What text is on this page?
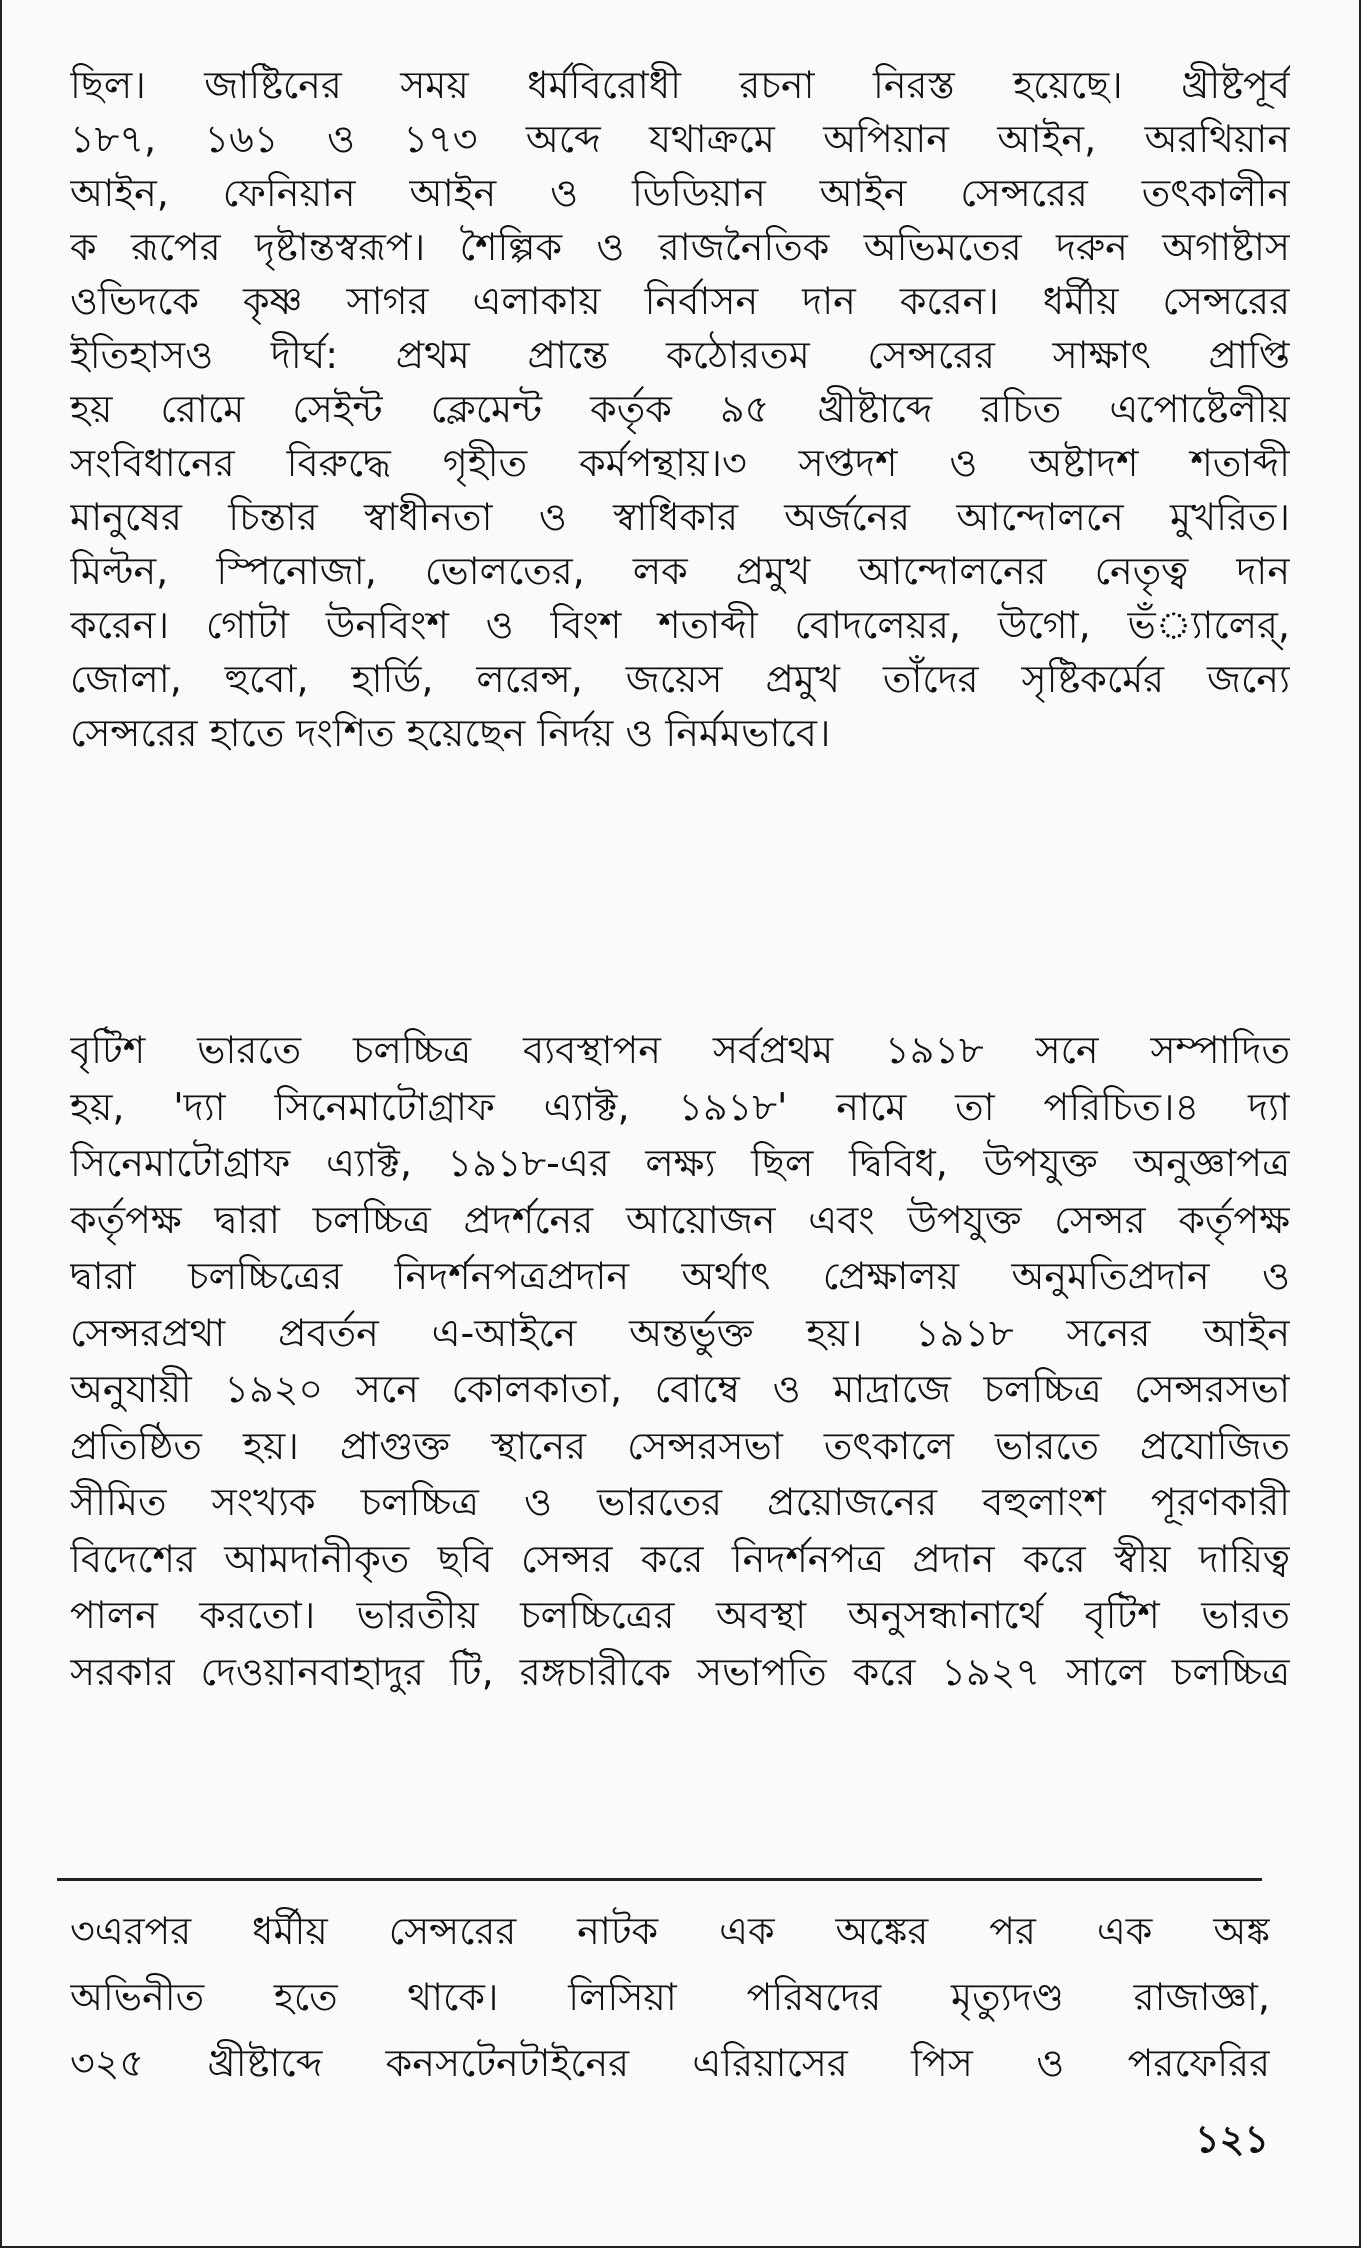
ছিল। জাষ্টিনের সময় ধর্মবিরোধী রচনা নিরস্ত হয়েছে। খ্রীষ্টপূর্ব
১৮৭, ১৬১ ও ১৭৩ অব্দে যথাক্রমে অপিয়ান আইন, অরথিয়ান
আইন, ফেনিয়ান আইন ও ডিডিয়ান আইন সেন্সরের তৎকালীন
ক রূপের দৃষ্টান্তস্বরূপ। শৈল্পিক ও রাজনৈতিক অভিমতের দরুন অগাষ্টাস
ওভিদকে কৃষ্ণ সাগর এলাকায় নির্বাসন দান করেন। ধর্মীয় সেন্সরের
ইতিহাসও দীর্ঘ: প্রথম প্রান্তে কঠোরতম সেন্সরের সাক্ষাৎ প্রাপ্তি
হয় রোমে সেইন্ট ক্লেমেন্ট কর্তৃক ৯৫ খ্রীষ্টাব্দে রচিত এপোষ্টেলীয়
সংবিধানের বিরুদ্ধে গৃহীত কর্মপন্থায়।৩ সপ্তদশ ও অষ্টাদশ শতাব্দী
মানুষের চিন্তার স্বাধীনতা ও স্বাধিকার অর্জনের আন্দোলনে মুখরিত।
মিল্টন, স্পিনোজা, ভোলতের, লক প্রমুখ আন্দোলনের নেতৃত্ব দান
করেন। গোটা উনবিংশ ও বিংশ শতাব্দী বোদলেয়র, উগো, ভঁ্যালের্,
জোলা, হুবো, হার্ডি, লরেন্স, জয়েস প্রমুখ তাঁদের সৃষ্টিকর্মের জন্যে
সেন্সরের হাতে দংশিত হয়েছেন নির্দয় ও নির্মমভাবে।
বৃটিশ ভারতে চলচ্চিত্র ব্যবস্থাপন সর্বপ্রথম ১৯১৮ সনে সম্পাদিত
হয়, 'দ্যা সিনেমাটোগ্রাফ এ্যাক্ট, ১৯১৮' নামে তা পরিচিত।৪ দ্যা
সিনেমাটোগ্রাফ এ্যাক্ট, ১৯১৮-এর লক্ষ্য ছিল দ্বিবিধ, উপযুক্ত অনুজ্ঞাপত্র
কর্তৃপক্ষ দ্বারা চলচ্চিত্র প্রদর্শনের আয়োজন এবং উপযুক্ত সেন্সর কর্তৃপক্ষ
দ্বারা চলচ্চিত্রের নিদর্শনপত্রপ্রদান অর্থাৎ প্রেক্ষালয় অনুমতিপ্রদান ও
সেন্সরপ্রথা প্রবর্তন এ-আইনে অন্তর্ভুক্ত হয়। ১৯১৮ সনের আইন
অনুযায়ী ১৯২০ সনে কোলকাতা, বোম্বে ও মাদ্রাজে চলচ্চিত্র সেন্সরসভা
প্রতিষ্ঠিত হয়। প্রাগুক্ত স্থানের সেন্সরসভা তৎকালে ভারতে প্রযোজিত
সীমিত সংখ্যক চলচ্চিত্র ও ভারতের প্রয়োজনের বহুলাংশ পূরণকারী
বিদেশের আমদানীকৃত ছবি সেন্সর করে নিদর্শনপত্র প্রদান করে স্বীয় দায়িত্ব
পালন করতো। ভারতীয় চলচ্চিত্রের অবস্থা অনুসন্ধানার্থে বৃটিশ ভারত
সরকার দেওয়ানবাহাদুর টি, রঙ্গচারীকে সভাপতি করে ১৯২৭ সালে চলচ্চিত্র
৩এরপর ধর্মীয় সেন্সরের নাটক এক অঙ্কের পর এক অঙ্ক
অভিনীত হতে থাকে। লিসিয়া পরিষদের মৃত্যুদণ্ড রাজাজ্ঞা,
৩২৫ খ্রীষ্টাব্দে কনসটেনটাইনের এরিয়াসের পিস ও পরফেরির
১২১
